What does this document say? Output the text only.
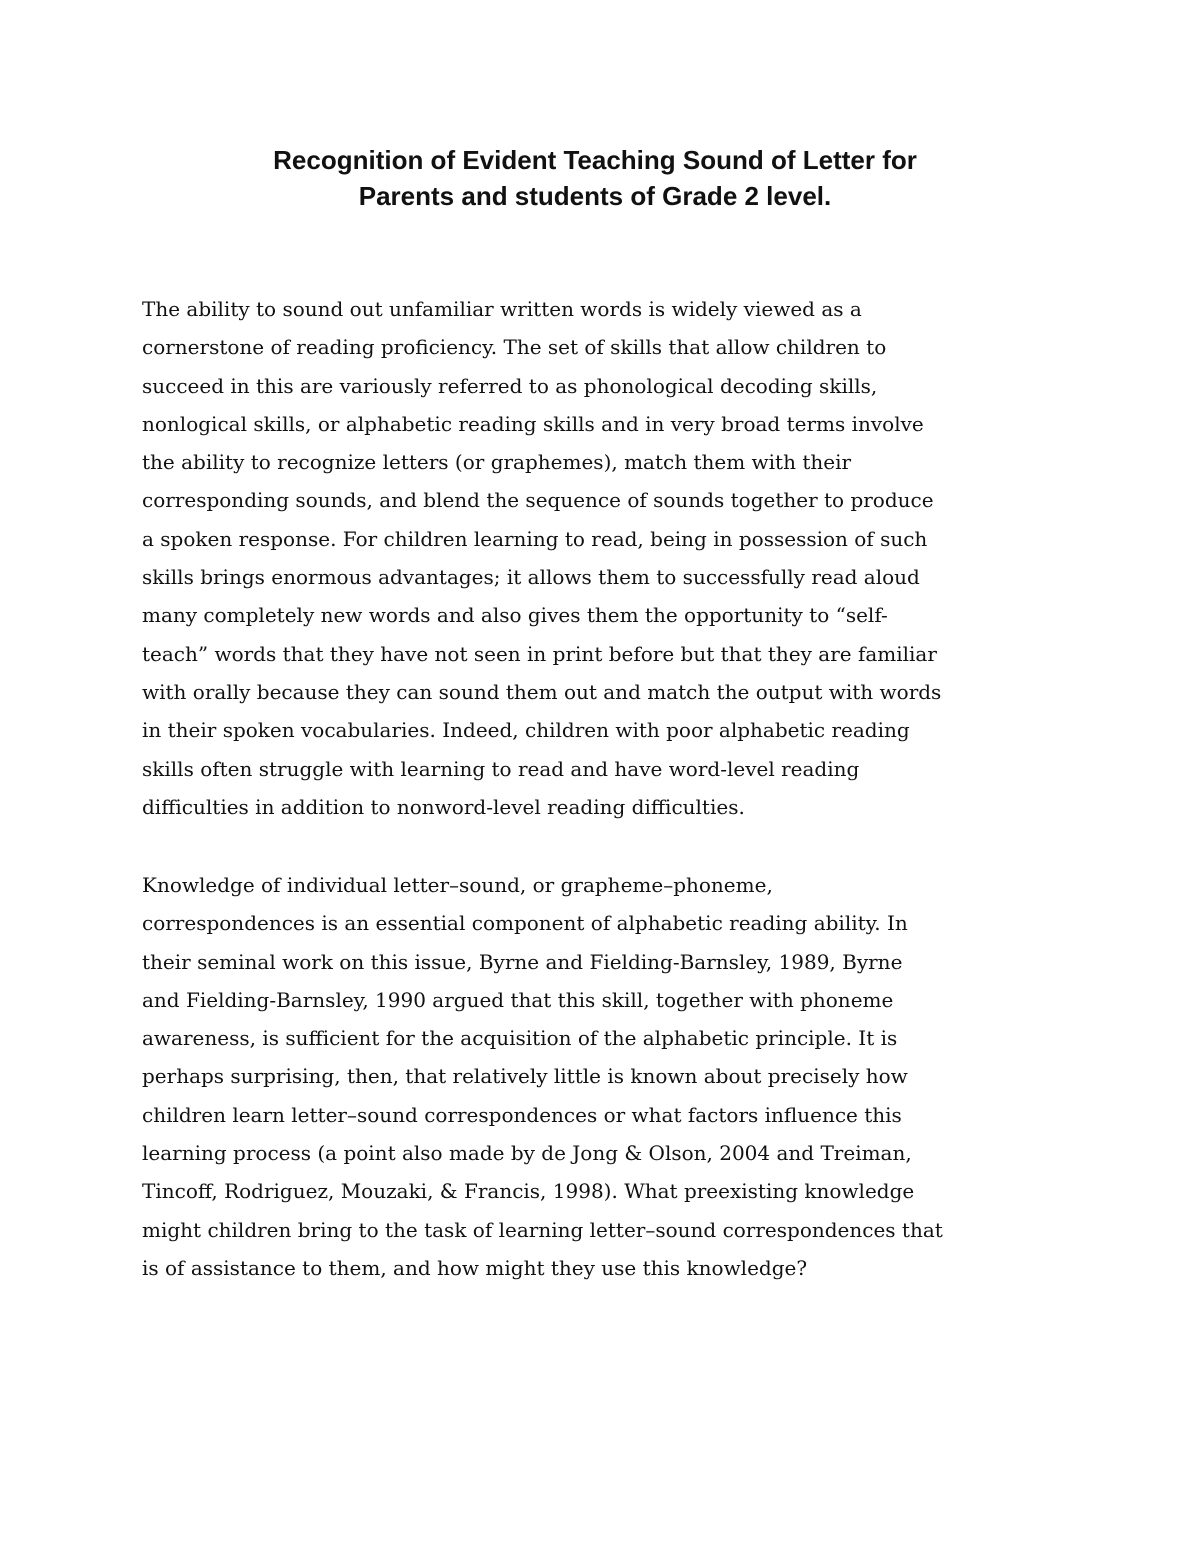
Recognition of Evident Teaching Sound of Letter for
Parents and students of Grade 2 level.
The ability to sound out unfamiliar written words is widely viewed as a
cornerstone of reading proficiency. The set of skills that allow children to
succeed in this are variously referred to as phonological decoding skills,
nonlogical skills, or alphabetic reading skills and in very broad terms involve
the ability to recognize letters (or graphemes), match them with their
corresponding sounds, and blend the sequence of sounds together to produce
a spoken response. For children learning to read, being in possession of such
skills brings enormous advantages; it allows them to successfully read aloud
many completely new words and also gives them the opportunity to “self-
teach” words that they have not seen in print before but that they are familiar
with orally because they can sound them out and match the output with words
in their spoken vocabularies. Indeed, children with poor alphabetic reading
skills often struggle with learning to read and have word-level reading
difficulties in addition to nonword-level reading difficulties.
Knowledge of individual letter–sound, or grapheme–phoneme,
correspondences is an essential component of alphabetic reading ability. In
their seminal work on this issue, Byrne and Fielding-Barnsley, 1989, Byrne
and Fielding-Barnsley, 1990 argued that this skill, together with phoneme
awareness, is sufficient for the acquisition of the alphabetic principle. It is
perhaps surprising, then, that relatively little is known about precisely how
children learn letter–sound correspondences or what factors influence this
learning process (a point also made by de Jong & Olson, 2004 and Treiman,
Tincoff, Rodriguez, Mouzaki, & Francis, 1998). What preexisting knowledge
might children bring to the task of learning letter–sound correspondences that
is of assistance to them, and how might they use this knowledge?
